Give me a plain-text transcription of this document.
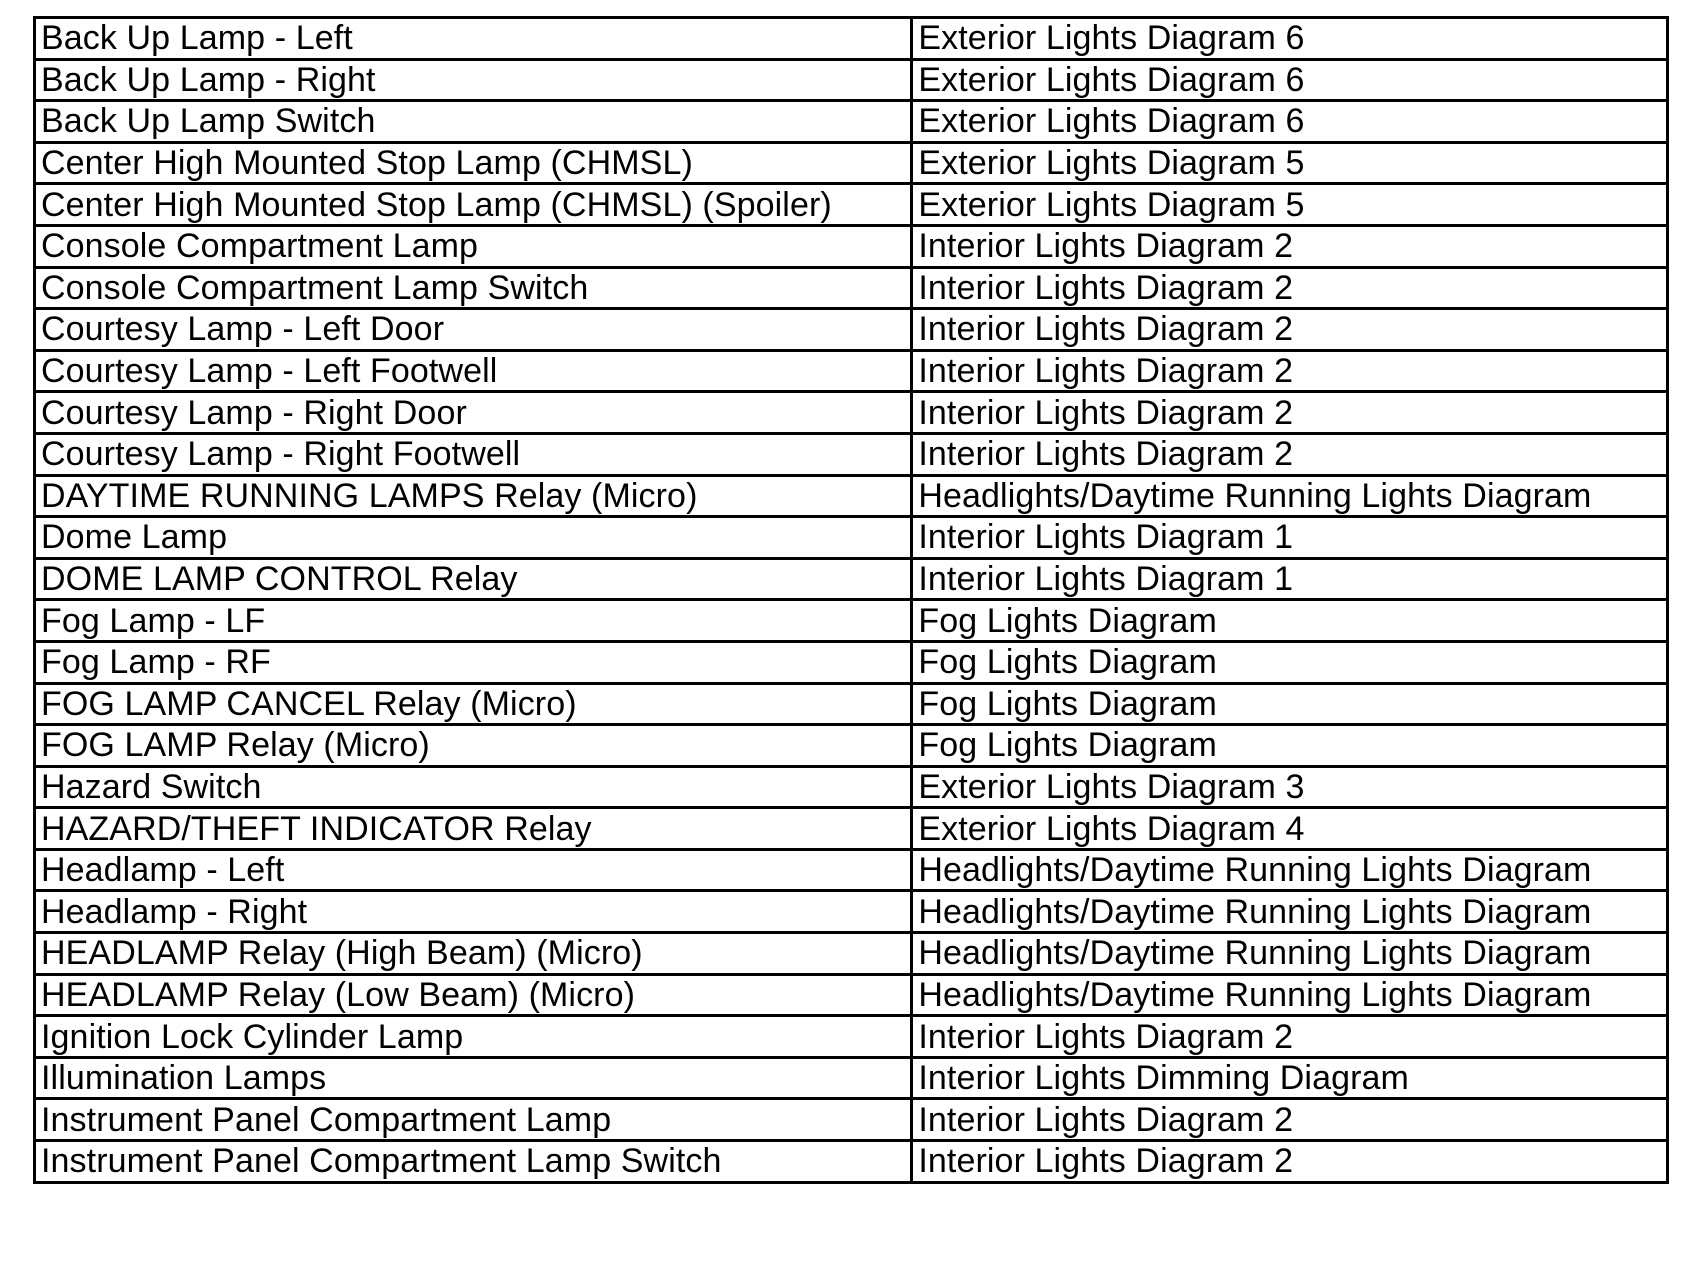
Back Up Lamp - Left	Exterior Lights Diagram 6
Back Up Lamp - Right	Exterior Lights Diagram 6
Back Up Lamp Switch	Exterior Lights Diagram 6
Center High Mounted Stop Lamp (CHMSL)	Exterior Lights Diagram 5
Center High Mounted Stop Lamp (CHMSL) (Spoiler)	Exterior Lights Diagram 5
Console Compartment Lamp	Interior Lights Diagram 2
Console Compartment Lamp Switch	Interior Lights Diagram 2
Courtesy Lamp - Left Door	Interior Lights Diagram 2
Courtesy Lamp - Left Footwell	Interior Lights Diagram 2
Courtesy Lamp - Right Door	Interior Lights Diagram 2
Courtesy Lamp - Right Footwell	Interior Lights Diagram 2
DAYTIME RUNNING LAMPS Relay (Micro)	Headlights/Daytime Running Lights Diagram
Dome Lamp	Interior Lights Diagram 1
DOME LAMP CONTROL Relay	Interior Lights Diagram 1
Fog Lamp - LF	Fog Lights Diagram
Fog Lamp - RF	Fog Lights Diagram
FOG LAMP CANCEL Relay (Micro)	Fog Lights Diagram
FOG LAMP Relay (Micro)	Fog Lights Diagram
Hazard Switch	Exterior Lights Diagram 3
HAZARD/THEFT INDICATOR Relay	Exterior Lights Diagram 4
Headlamp - Left	Headlights/Daytime Running Lights Diagram
Headlamp - Right	Headlights/Daytime Running Lights Diagram
HEADLAMP Relay (High Beam) (Micro)	Headlights/Daytime Running Lights Diagram
HEADLAMP Relay (Low Beam) (Micro)	Headlights/Daytime Running Lights Diagram
Ignition Lock Cylinder Lamp	Interior Lights Diagram 2
Illumination Lamps	Interior Lights Dimming Diagram
Instrument Panel Compartment Lamp	Interior Lights Diagram 2
Instrument Panel Compartment Lamp Switch	Interior Lights Diagram 2
